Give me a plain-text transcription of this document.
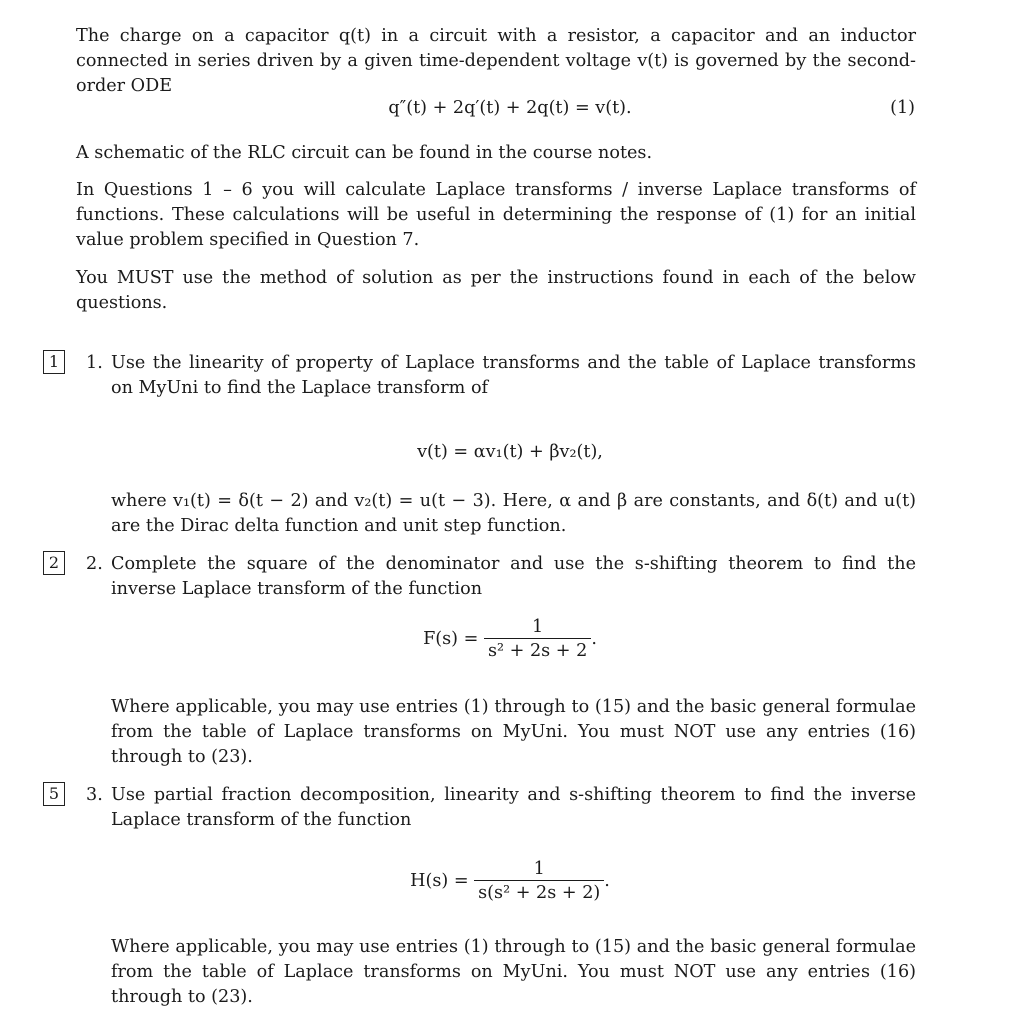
The charge on a capacitor q(t) in a circuit with a resistor, a capacitor and an inductor connected in series driven by a given time-dependent voltage v(t) is governed by the second-order ODE
q″(t) + 2q′(t) + 2q(t) = v(t).	(1)
A schematic of the RLC circuit can be found in the course notes.
In Questions 1 – 6 you will calculate Laplace transforms / inverse Laplace transforms of functions. These calculations will be useful in determining the response of (1) for an initial value problem specified in Question 7.
You MUST use the method of solution as per the instructions found in each of the below questions.
1	1. Use the linearity of property of Laplace transforms and the table of Laplace transforms on MyUni to find the Laplace transform of
v(t) = αv₁(t) + βv₂(t),
where v₁(t) = δ(t − 2) and v₂(t) = u(t − 3). Here, α and β are constants, and δ(t) and u(t) are the Dirac delta function and unit step function.
2	2. Complete the square of the denominator and use the s-shifting theorem to find the inverse Laplace transform of the function
$F(s) = \frac{1}{\text{s² + 2s + 2}}$ .
Where applicable, you may use entries (1) through to (15) and the basic general formulae from the table of Laplace transforms on MyUni. You must NOT use any entries (16) through to (23).
5	3. Use partial fraction decomposition, linearity and s-shifting theorem to find the inverse Laplace transform of the function
$H(s) = \frac{1}{\text{s(s² + 2s + 2)}}$ .
Where applicable, you may use entries (1) through to (15) and the basic general formulae from the table of Laplace transforms on MyUni. You must NOT use any entries (16) through to (23).
